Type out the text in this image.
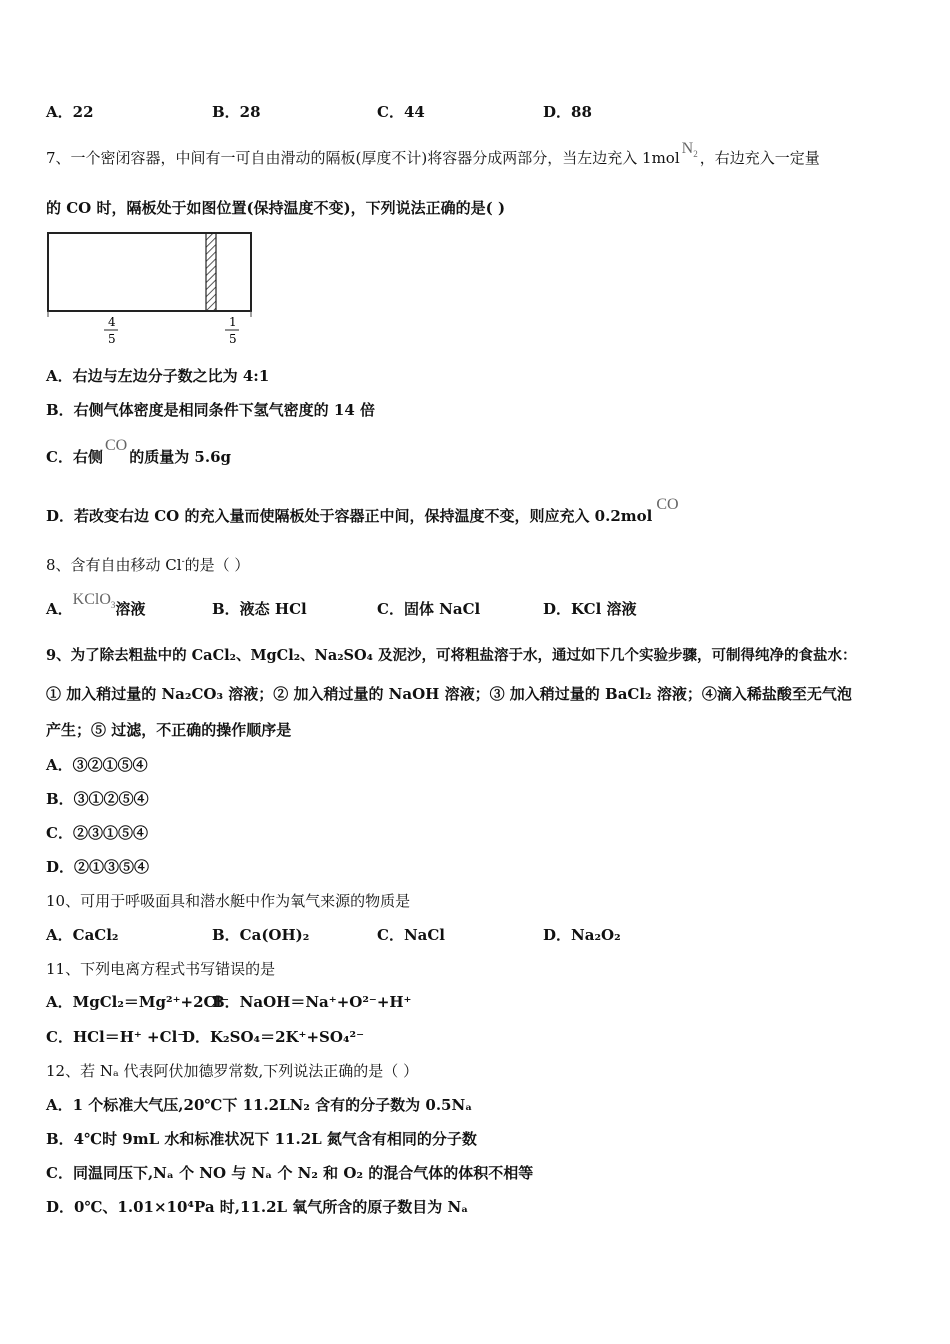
A．22	B．28	C．44	D．88
7、一个密闭容器，中间有一可自由滑动的隔板(厚度不计)将容器分成两部分，当左边充入 1molN$_2$ ，右边充入一定量
的 CO 时，隔板处于如图位置(保持温度不变)，下列说法正确的是( )
4
5
1
5
A．右边与左边分子数之比为 4:1
B．右侧气体密度是相同条件下氢气密度的 14 倍
C．右侧CO的质量为 5.6g
D．若改变右边 CO 的充入量而使隔板处于容器正中间，保持温度不变，则应充入 0.2molCO
8、含有自由移动 Cl-的是（ ）
A．KClO$_3$溶液	B．液态 HCl	C．固体 NaCl	D．KCl 溶液
9、为了除去粗盐中的 CaCl₂、MgCl₂、Na₂SO₄ 及泥沙，可将粗盐溶于水，通过如下几个实验步骤，可制得纯净的食盐水：
① 加入稍过量的 Na₂CO₃ 溶液；② 加入稍过量的 NaOH 溶液；③ 加入稍过量的 BaCl₂ 溶液；④滴入稀盐酸至无气泡
产生；⑤ 过滤，不正确的操作顺序是
A．③②①⑤④
B．③①②⑤④
C．②③①⑤④
D．②①③⑤④
10、可用于呼吸面具和潜水艇中作为氧气来源的物质是
A．CaCl₂	B．Ca(OH)₂	C．NaCl	D．Na₂O₂
11、下列电离方程式书写错误的是
A．MgCl₂＝Mg²⁺+2Cl⁻
B．NaOH＝Na⁺+O²⁻+H⁺
C．HCl＝H⁺ +Cl⁻
D．K₂SO₄＝2K⁺+SO₄²⁻
12、若 Nₐ 代表阿伏加德罗常数,下列说法正确的是（ ）
A．1 个标准大气压,20℃下 11.2LN₂ 含有的分子数为 0.5Nₐ
B．4℃时 9mL 水和标准状况下 11.2L 氮气含有相同的分子数
C．同温同压下,Nₐ 个 NO 与 Nₐ 个 N₂ 和 O₂ 的混合气体的体积不相等
D．0℃、1.01×10⁴Pa 时,11.2L 氧气所含的原子数目为 Nₐ
